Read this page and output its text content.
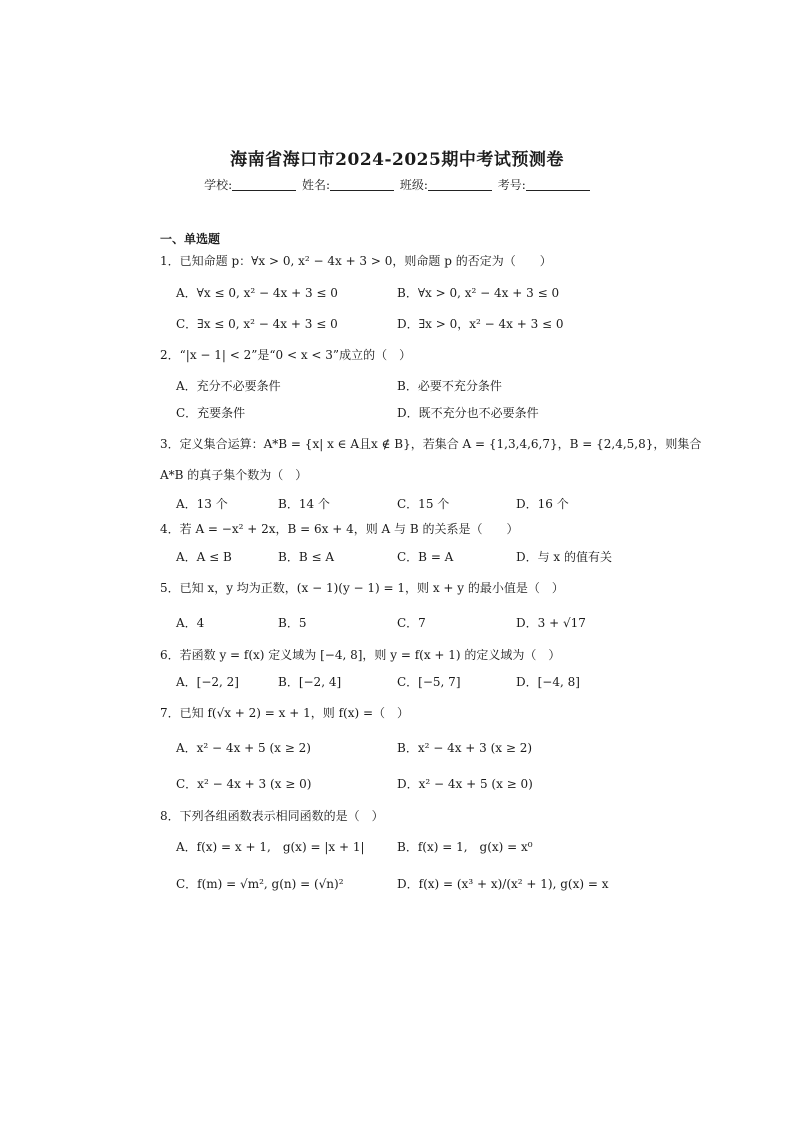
海南省海口市2024-2025期中考试预测卷
学校:	姓名:	班级:	考号:
一、单选题
1．已知命题 p：∀x > 0, x² − 4x + 3 > 0，则命题 p 的否定为（　　）
A．∀x ≤ 0, x² − 4x + 3 ≤ 0	B．∀x > 0, x² − 4x + 3 ≤ 0
C．∃x ≤ 0, x² − 4x + 3 ≤ 0	D．∃x > 0，x² − 4x + 3 ≤ 0
2．“|x − 1| < 2”是“0 < x < 3”成立的（　）
A．充分不必要条件	B．必要不充分条件
C．充要条件	D．既不充分也不必要条件
3．定义集合运算：A*B = {x| x ∈ A且x ∉ B}，若集合 A = {1,3,4,6,7}，B = {2,4,5,8}，则集合
A*B 的真子集个数为（　）
A．13 个	B．14 个	C．15 个	D．16 个
4．若 A = −x² + 2x，B = 6x + 4，则 A 与 B 的关系是（　　）
A．A ≤ B	B．B ≤ A	C．B = A	D．与 x 的值有关
5．已知 x，y 均为正数，(x − 1)(y − 1) = 1，则 x + y 的最小值是（　）
A．4	B．5	C．7	D．3 + √17
6．若函数 y = f(x) 定义域为 [−4, 8]，则 y = f(x + 1) 的定义域为（　）
A．[−2, 2]	B．[−2, 4]	C．[−5, 7]	D．[−4, 8]
7．已知 f(√x + 2) = x + 1，则 f(x) =（　）
A．x² − 4x + 5 (x ≥ 2)	B．x² − 4x + 3 (x ≥ 2)
C．x² − 4x + 3 (x ≥ 0)	D．x² − 4x + 5 (x ≥ 0)
8．下列各组函数表示相同函数的是（　）
A．f(x) = x + 1,　g(x) = |x + 1|	B．f(x) = 1,　g(x) = x⁰
C．f(m) = √m², g(n) = (√n)²	D．f(x) = (x³ + x)/(x² + 1), g(x) = x
